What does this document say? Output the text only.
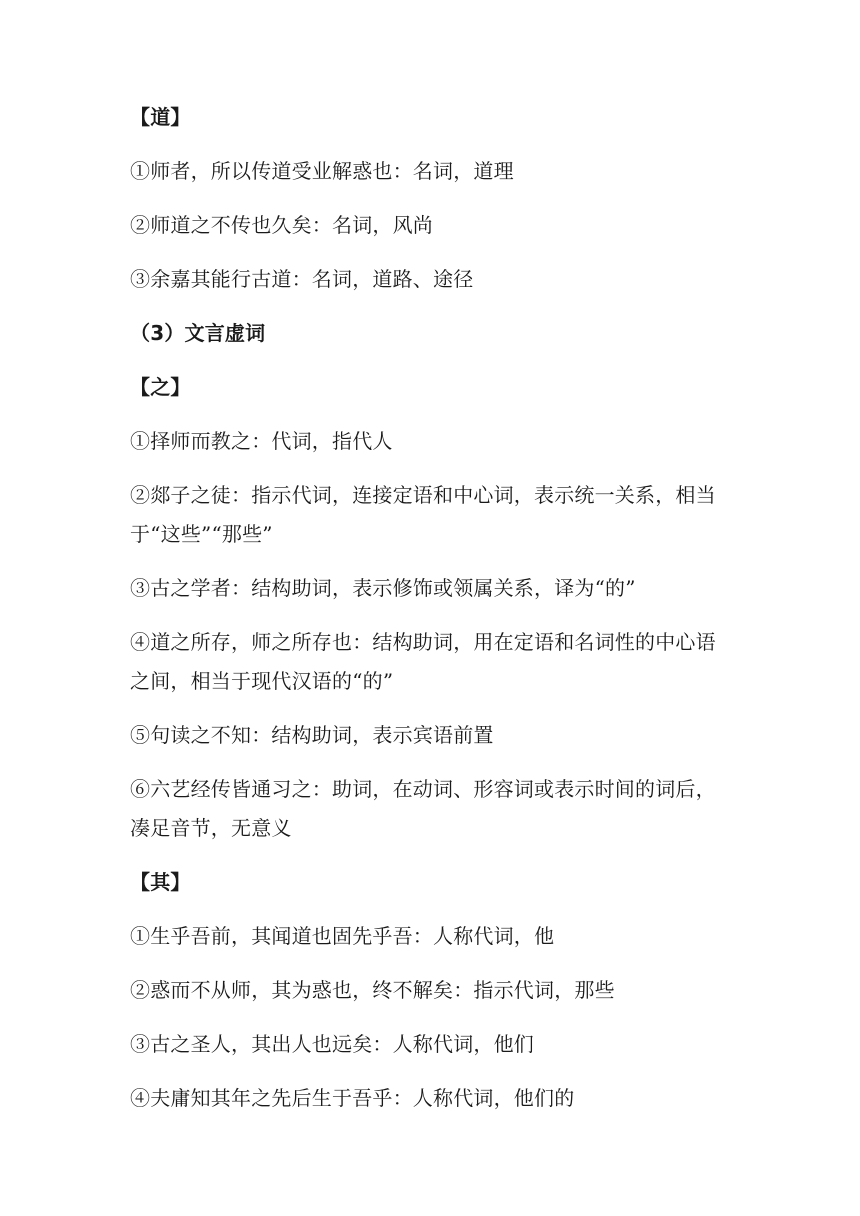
【道】
①师者，所以传道受业解惑也：名词，道理
②师道之不传也久矣：名词，风尚
③余嘉其能行古道：名词，道路、途径
（3）文言虚词
【之】
①择师而教之：代词，指代人
②郯子之徒：指示代词，连接定语和中心词，表示统一关系，相当
于“这些”“那些”
③古之学者：结构助词，表示修饰或领属关系，译为“的”
④道之所存，师之所存也：结构助词，用在定语和名词性的中心语
之间，相当于现代汉语的“的”
⑤句读之不知：结构助词，表示宾语前置
⑥六艺经传皆通习之：助词，在动词、形容词或表示时间的词后，
凑足音节，无意义
【其】
①生乎吾前，其闻道也固先乎吾：人称代词，他
②惑而不从师，其为惑也，终不解矣：指示代词，那些
③古之圣人，其出人也远矣：人称代词，他们
④夫庸知其年之先后生于吾乎：人称代词，他们的
